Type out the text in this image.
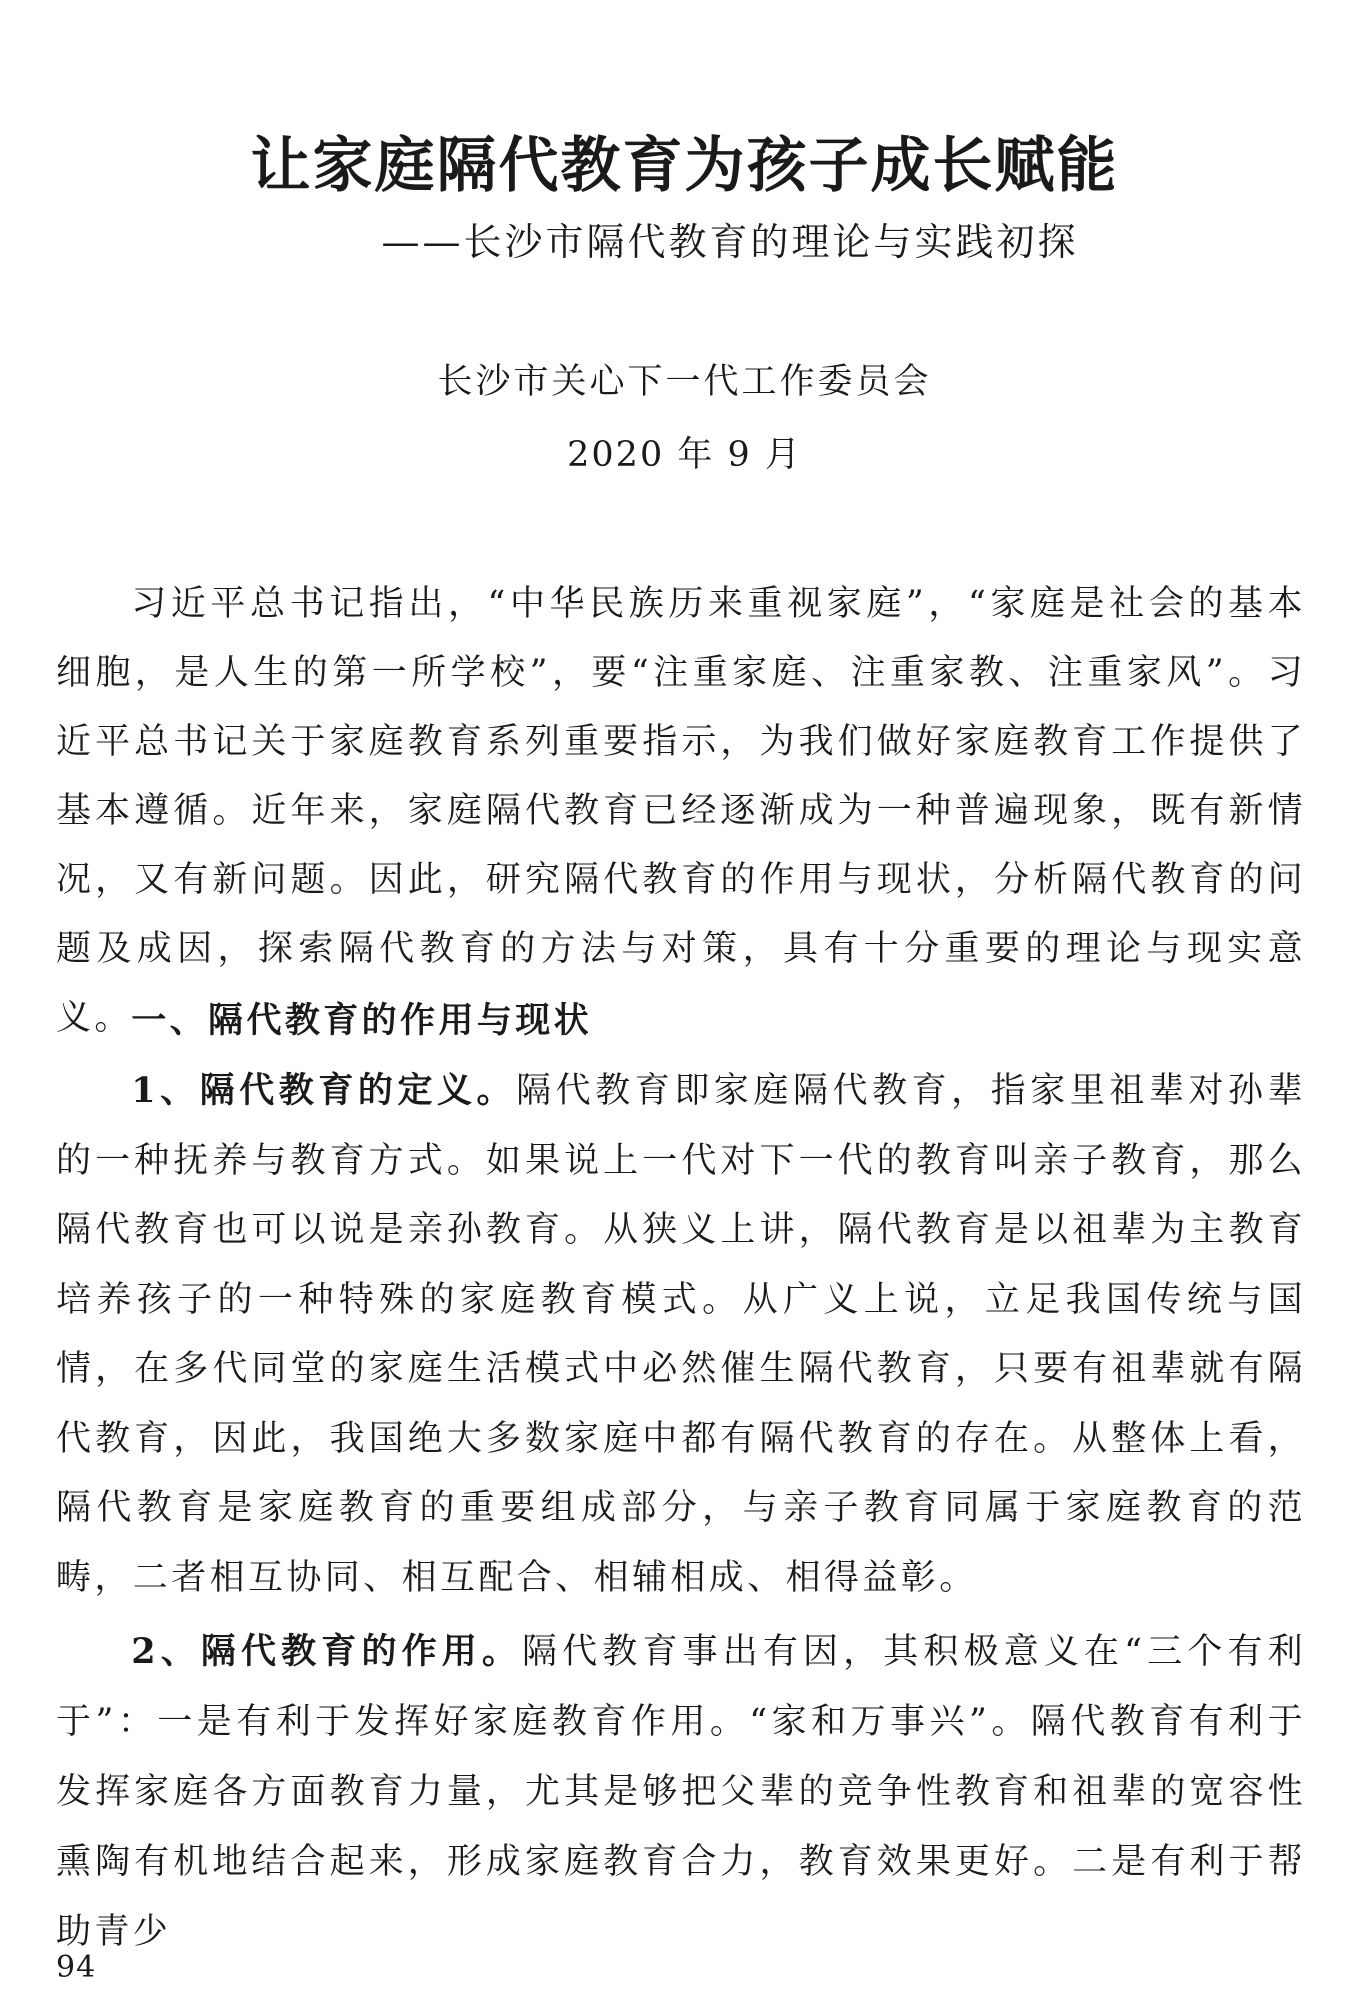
让家庭隔代教育为孩子成长赋能
——长沙市隔代教育的理论与实践初探
长沙市关心下一代工作委员会
2020 年 9 月

习近平总书记指出，“中华民族历来重视家庭”，“家庭是社会的基本细胞，是人生的第一所学校”，要“注重家庭、注重家教、注重家风”。习近平总书记关于家庭教育系列重要指示，为我们做好家庭教育工作提供了基本遵循。近年来，家庭隔代教育已经逐渐成为一种普遍现象，既有新情况，又有新问题。因此，研究隔代教育的作用与现状，分析隔代教育的问题及成因，探索隔代教育的方法与对策，具有十分重要的理论与现实意义。

一、隔代教育的作用与现状

1、隔代教育的定义。隔代教育即家庭隔代教育，指家里祖辈对孙辈的一种抚养与教育方式。如果说上一代对下一代的教育叫亲子教育，那么隔代教育也可以说是亲孙教育。从狭义上讲，隔代教育是以祖辈为主教育培养孩子的一种特殊的家庭教育模式。从广义上说，立足我国传统与国情，在多代同堂的家庭生活模式中必然催生隔代教育，只要有祖辈就有隔代教育，因此，我国绝大多数家庭中都有隔代教育的存在。从整体上看，隔代教育是家庭教育的重要组成部分，与亲子教育同属于家庭教育的范畴，二者相互协同、相互配合、相辅相成、相得益彰。

2、隔代教育的作用。隔代教育事出有因，其积极意义在“三个有利于”：一是有利于发挥好家庭教育作用。“家和万事兴”。隔代教育有利于发挥家庭各方面教育力量，尤其是够把父辈的竞争性教育和祖辈的宽容性熏陶有机地结合起来，形成家庭教育合力，教育效果更好。二是有利于帮助青少

94
